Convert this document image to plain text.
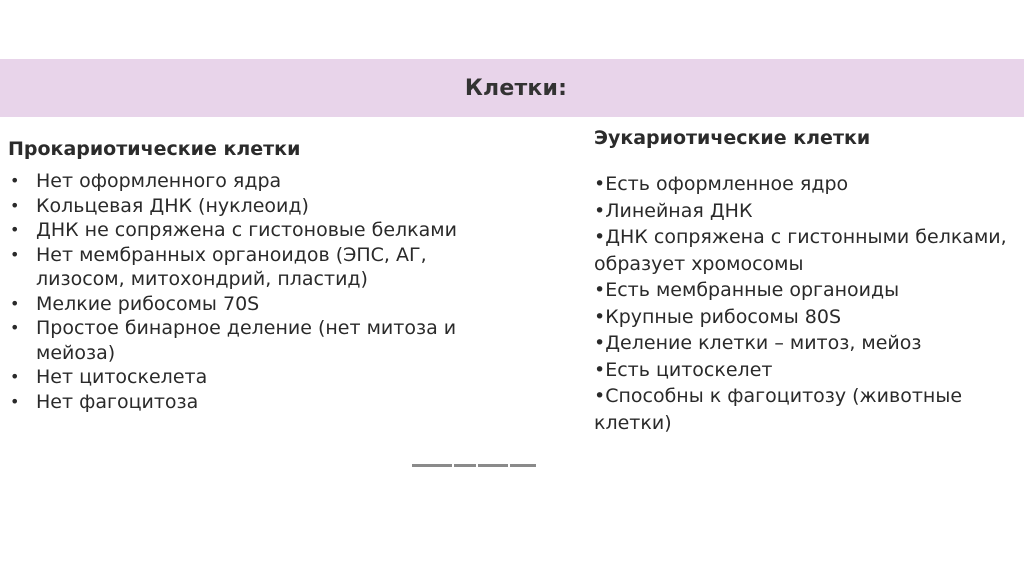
Клетки:
Прокариотические клетки
• Нет оформленного ядра
• Кольцевая ДНК (нуклеоид)
• ДНК не сопряжена с гистоновые белками
• Нет мембранных органоидов (ЭПС, АГ, лизосом, митохондрий, пластид)
• Мелкие рибосомы 70S
• Простое бинарное деление (нет митоза и мейоза)
• Нет цитоскелета
• Нет фагоцитоза
Эукариотические клетки
•Есть оформленное ядро
•Линейная ДНК
•ДНК сопряжена с гистонными белками, образует хромосомы
•Есть мембранные органоиды
•Крупные рибосомы 80S
•Деление клетки – митоз, мейоз
•Есть цитоскелет
•Способны к фагоцитозу (животные клетки)
